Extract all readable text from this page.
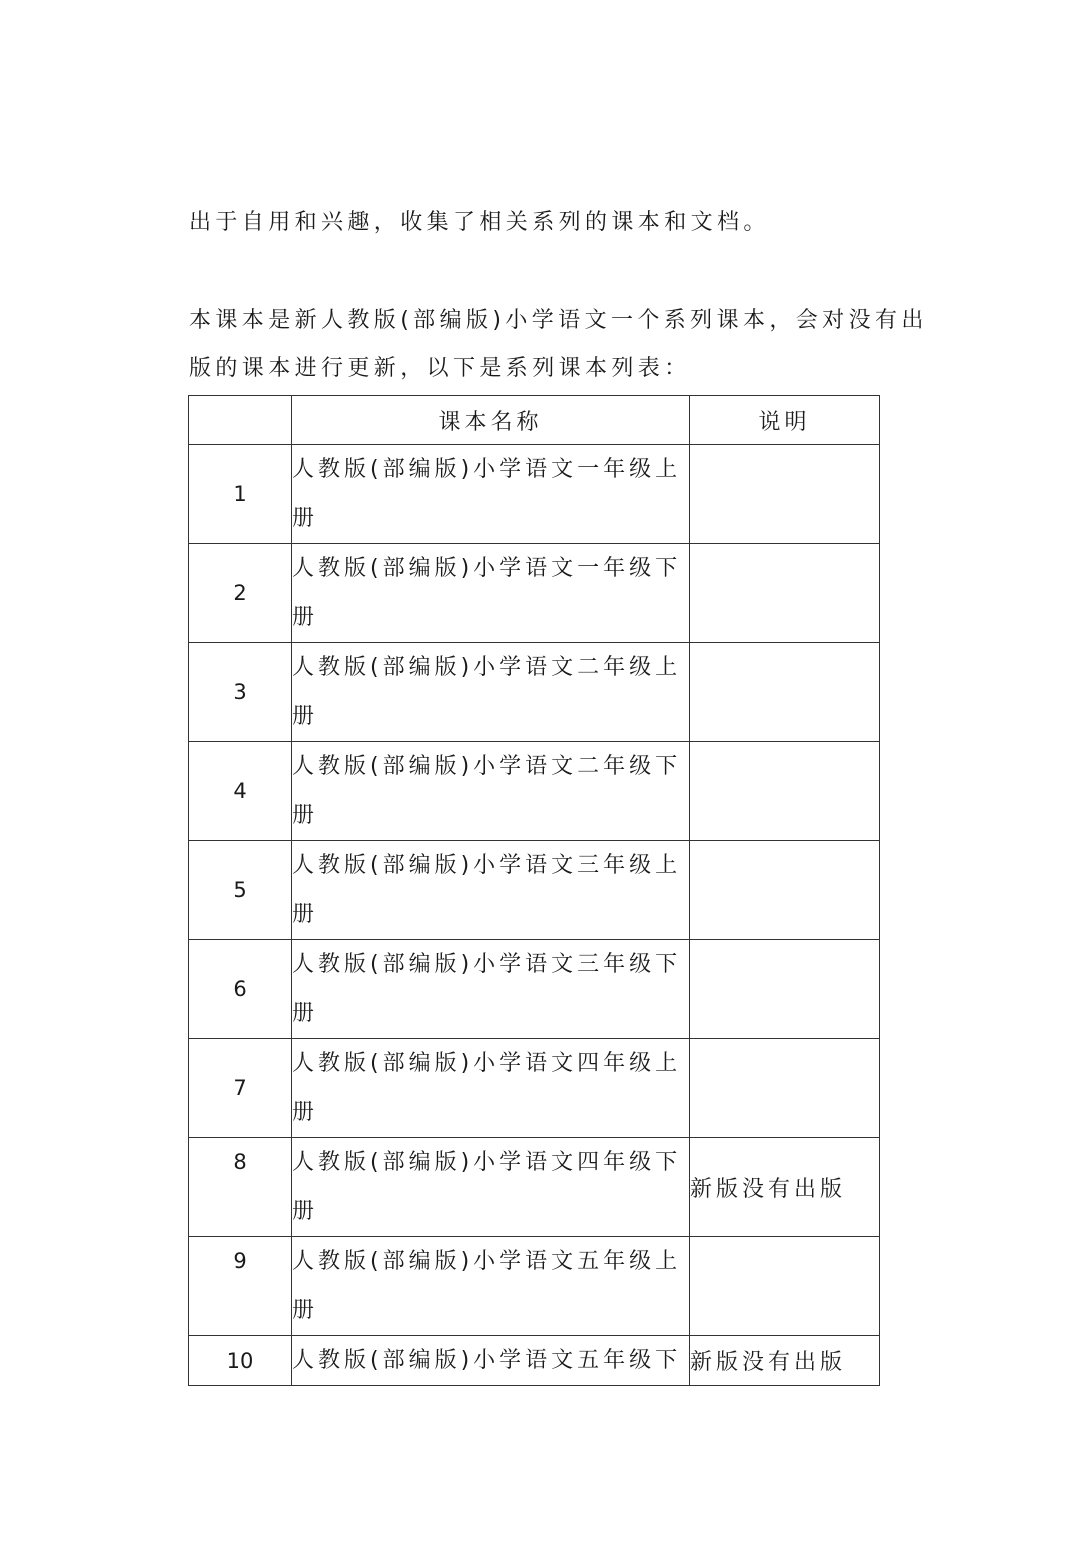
出于自用和兴趣，收集了相关系列的课本和文档。

本课本是新人教版(部编版)小学语文一个系列课本，会对没有出
版的课本进行更新，以下是系列课本列表：

	课本名称	说明
1	人教版(部编版)小学语文一年级上
册	
2	人教版(部编版)小学语文一年级下
册	
3	人教版(部编版)小学语文二年级上
册	
4	人教版(部编版)小学语文二年级下
册	
5	人教版(部编版)小学语文三年级上
册	
6	人教版(部编版)小学语文三年级下
册	
7	人教版(部编版)小学语文四年级上
册	
8	人教版(部编版)小学语文四年级下
册	新版没有出版
9	人教版(部编版)小学语文五年级上
册	
10	人教版(部编版)小学语文五年级下	新版没有出版
